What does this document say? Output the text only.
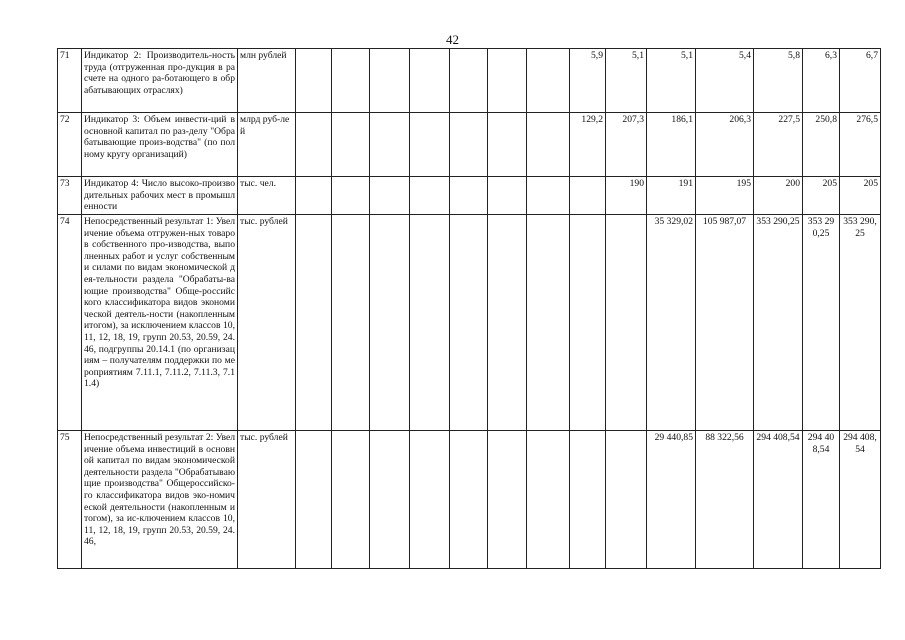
42
71	Индикатор 2: Производитель-ность труда (отгруженная про-дукция в расчете на одного ра-ботающего в обрабатывающих отраслях)	млн рублей								5,9	5,1	5,1	5,4	5,8	6,3	6,7

72	Индикатор 3: Объем инвести-ций в основной капитал по раз-делу "Обрабатывающие произ-водства" (по полному кругу организаций)	млрд руб-лей								129,2	207,3	186,1	206,3	227,5	250,8	276,5

73	Индикатор 4: Число высоко-производительных рабочих мест в промышленности	тыс. чел.									190	191	195	200	205	205

74	Непосредственный результат 1: Увеличение объема отгружен-ных товаров собственного про-изводства, выполненных работ и услуг собственными силами по видам экономической дея-тельности раздела "Обрабаты-вающие производства" Обще-российского классификатора видов экономической деятель-ности (накопленным итогом), за исключением классов 10, 11, 12, 18, 19, групп 20.53, 20.59, 24.46, подгруппы 20.14.1 (по организациям – получателям поддержки по мероприятиям 7.11.1, 7.11.2, 7.11.3, 7.11.4)	тыс. рублей										35 329,02	105 987,07	353 290,25	353 290,25	353 290,25

75	Непосредственный результат 2: Увеличение объема инвестиций в основной капитал по видам экономической деятельности раздела "Обрабатывающие производства" Общероссийско-го классификатора видов эко-номической деятельности (накопленным итогом), за ис-ключением классов 10, 11, 12, 18, 19, групп 20.53, 20.59, 24.46,	тыс. рублей										29 440,85	88 322,56	294 408,54	294 408,54	294 408,54
